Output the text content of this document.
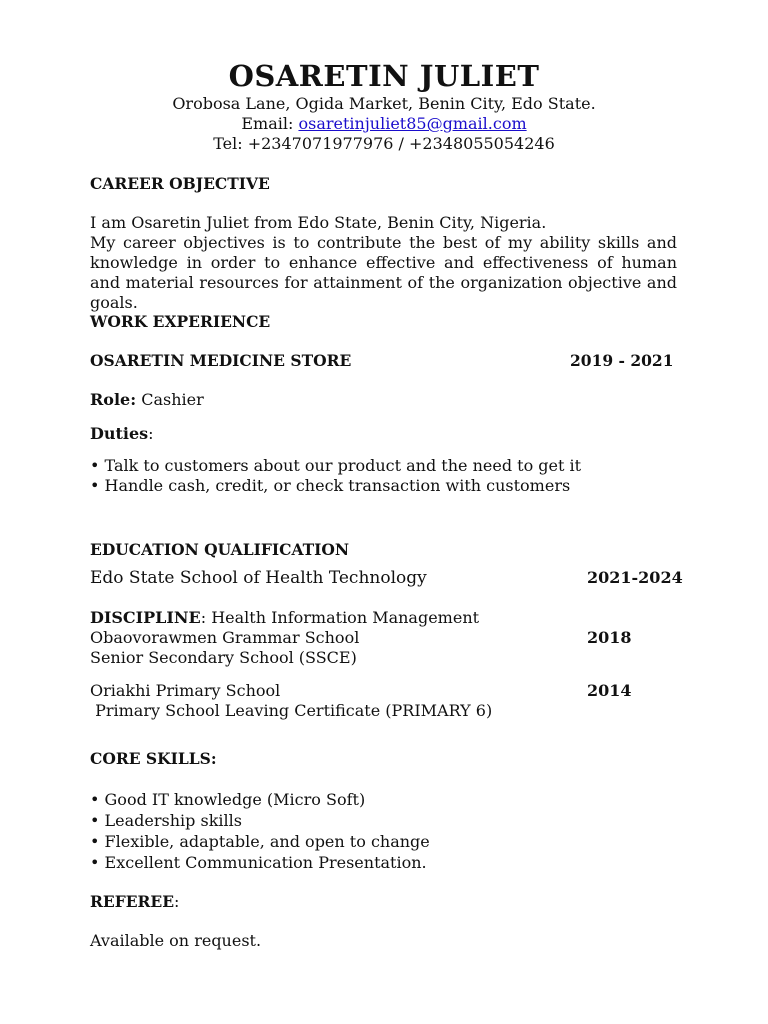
OSARETIN JULIET
Orobosa Lane, Ogida Market, Benin City, Edo State.
Email: osaretinjuliet85@gmail.com
Tel: +2347071977976 / +2348055054246
CAREER OBJECTIVE
I am Osaretin Juliet from Edo State, Benin City, Nigeria.

My career objectives is to contribute the best of my ability skills and knowledge in order to enhance effective and effectiveness of human and material resources for attainment of the organization objective and goals.

WORK EXPERIENCE
OSARETIN MEDICINE STORE	2019 - 2021
Role: Cashier
Duties:
• Talk to customers about our product and the need to get it
• Handle cash, credit, or check transaction with customers
EDUCATION QUALIFICATION
Edo State School of Health Technology	2021-2024
DISCIPLINE: Health Information Management
Obaovorawmen Grammar School	2018
Senior Secondary School (SSCE)
Oriakhi Primary School	2014
Primary School Leaving Certificate (PRIMARY 6)
CORE SKILLS:
• Good IT knowledge (Micro Soft)
• Leadership skills
• Flexible, adaptable, and open to change
• Excellent Communication Presentation.
REFEREE:
Available on request.
